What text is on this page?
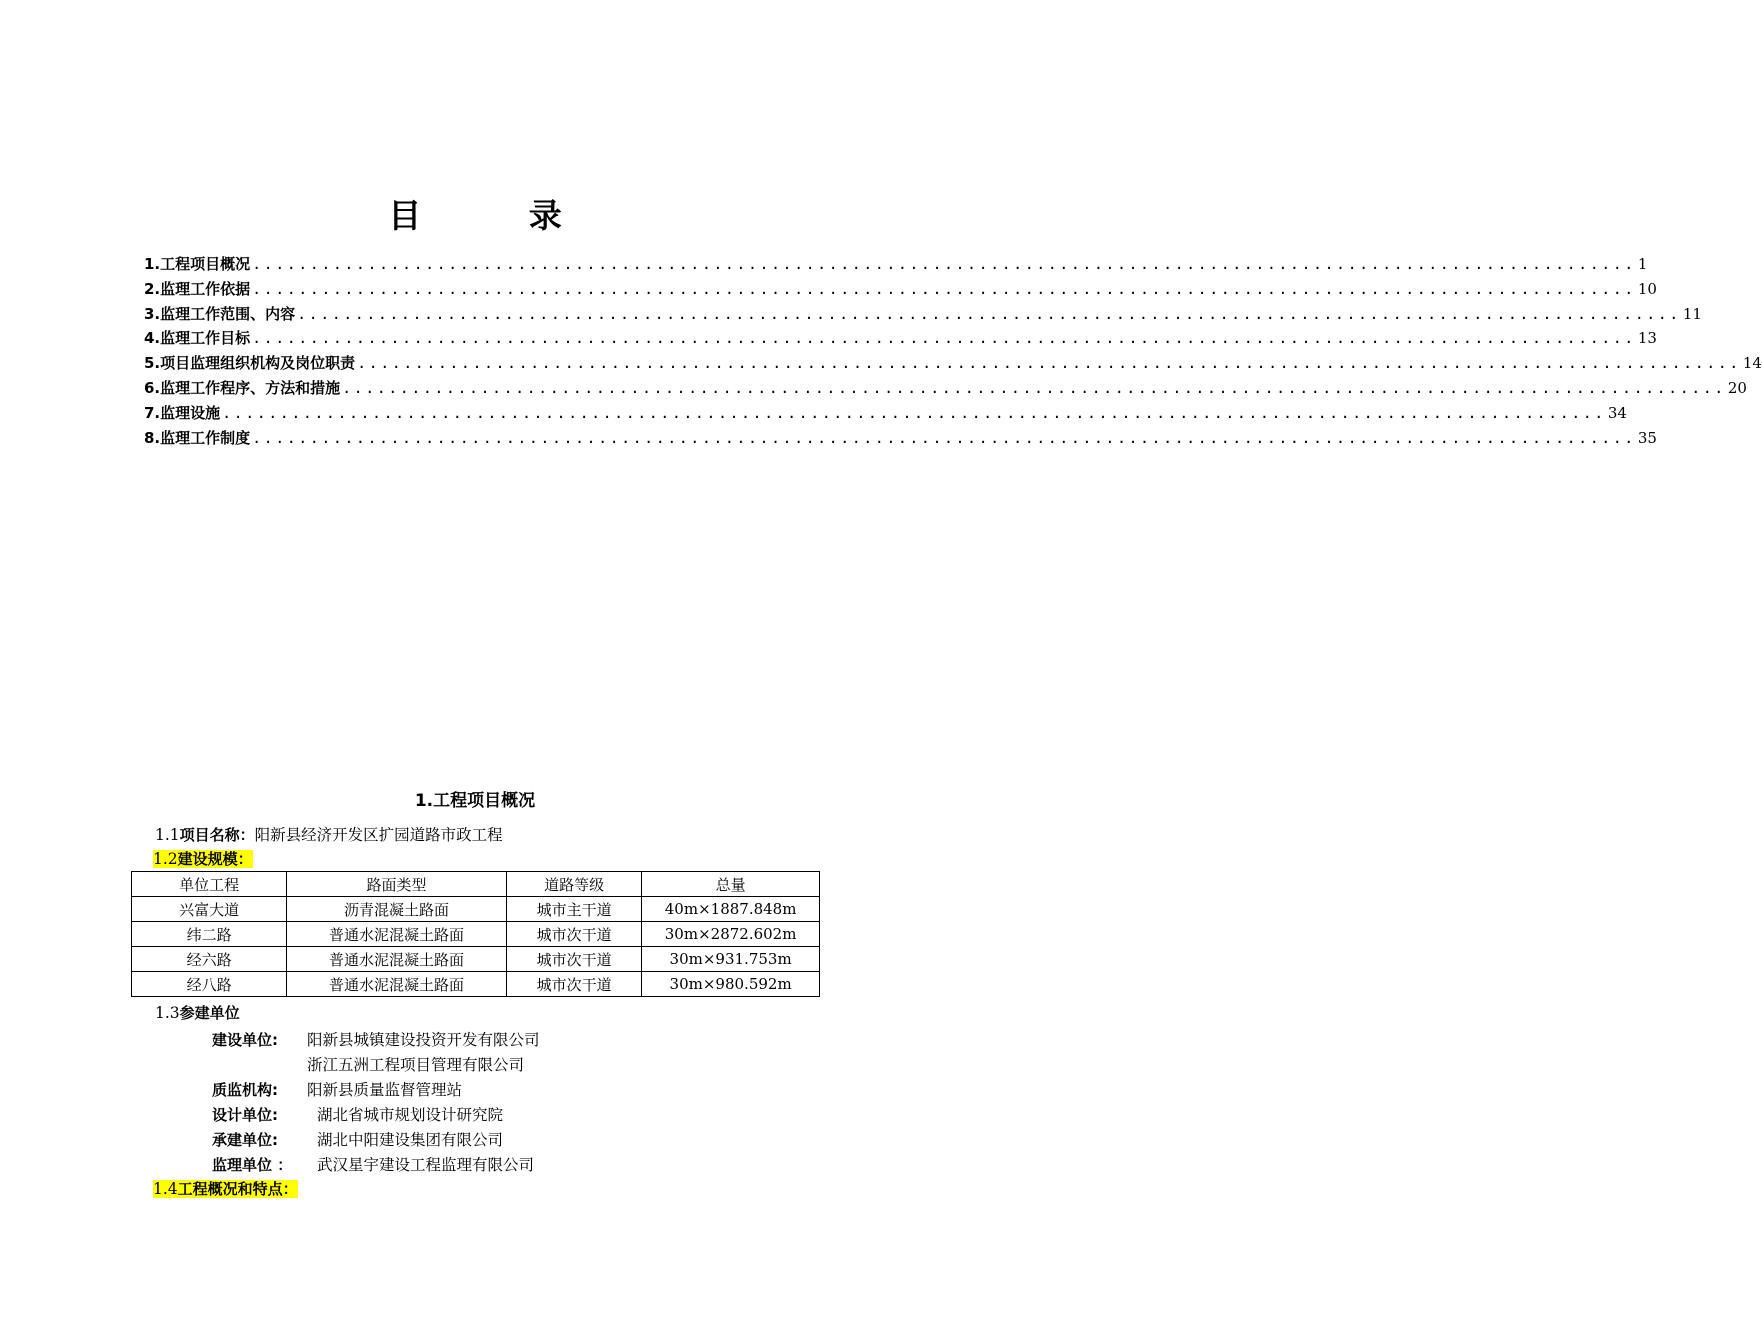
目 录
1.工程项目概况 ........................................................................................................................ 1
2.监理工作依据 ........................................................................................................................ 10
3.监理工作范围、内容 ........................................................................................................................ 11
4.监理工作目标 ........................................................................................................................ 13
5.项目监理组织机构及岗位职责 ........................................................................................................................ 14
6.监理工作程序、方法和措施 ........................................................................................................................ 20
7.监理设施 ........................................................................................................................ 34
8.监理工作制度 ........................................................................................................................ 35
1.工程项目概况
1.1项目名称：阳新县经济开发区扩园道路市政工程
1.2建设规模：
单位工程	路面类型	道路等级	总量
兴富大道	沥青混凝土路面	城市主干道	40m×1887.848m
纬二路	普通水泥混凝土路面	城市次干道	30m×2872.602m
经六路	普通水泥混凝土路面	城市次干道	30m×931.753m
经八路	普通水泥混凝土路面	城市次干道	30m×980.592m
1.3参建单位
建设单位: 阳新县城镇建设投资开发有限公司
浙江五洲工程项目管理有限公司
质监机构: 阳新县质量监督管理站
设计单位:	湖北省城市规划设计研究院
承建单位:	湖北中阳建设集团有限公司
监理单位 ： 武汉星宇建设工程监理有限公司
1.4工程概况和特点：
